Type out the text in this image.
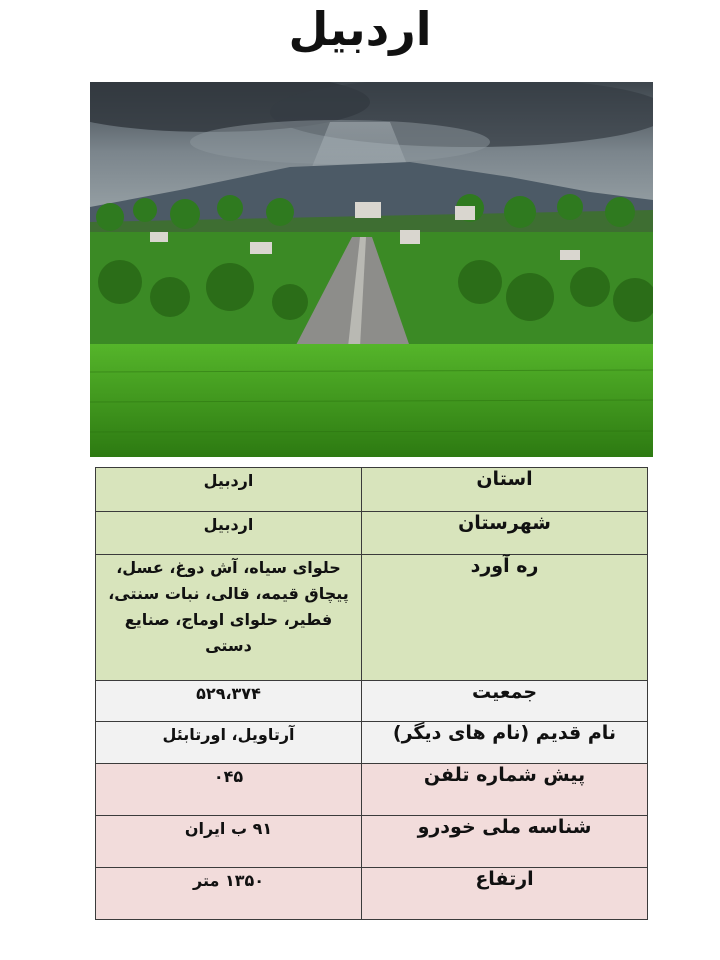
اردبیل
استان	اردبیل
شهرستان	اردبیل
ره آورد	حلوای سیاه، آش دوغ، عسل، پیچاق قیمه، قالی، نبات سنتی، فطیر، حلوای اوماج، صنایع دستی
جمعیت	۵۲۹،۳۷۴
نام قدیم (نام های دیگر)	آرتاویل، اورتابئل
پیش شماره تلفن	۰۴۵
شناسه ملی خودرو	۹۱ ب ایران
ارتفاع	۱۳۵۰ متر
